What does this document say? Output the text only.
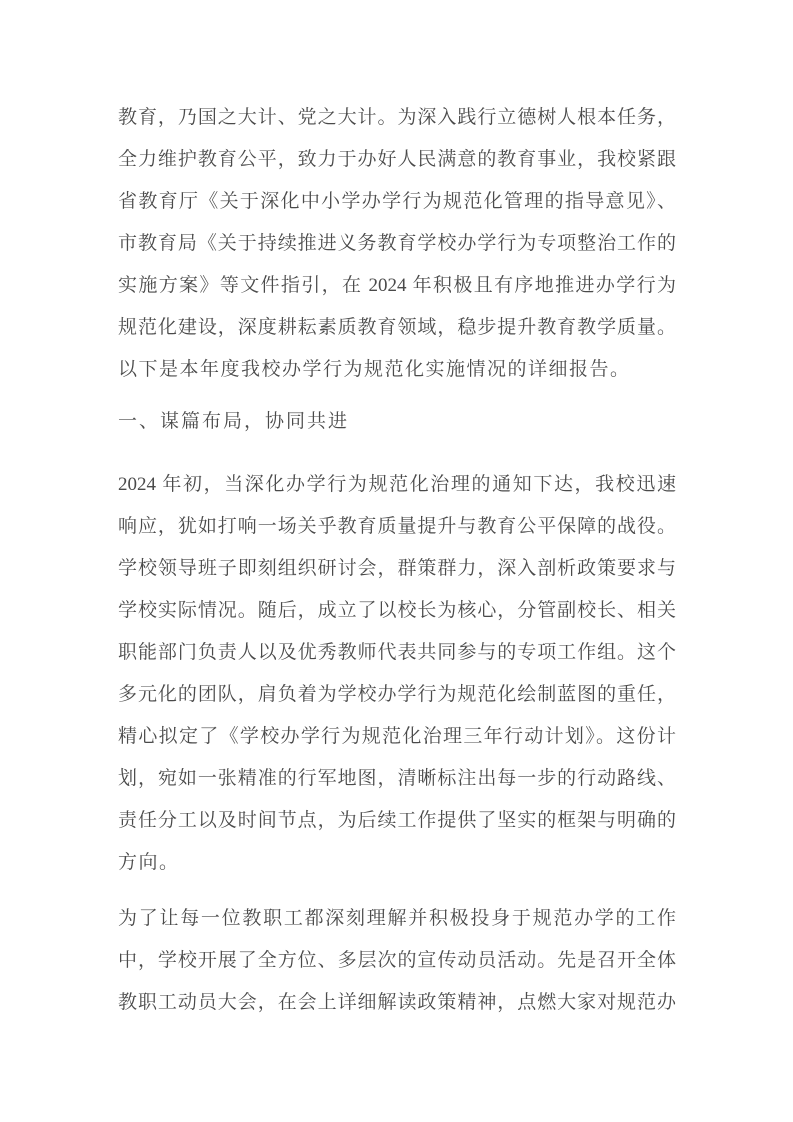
教育，乃国之大计、党之大计。为深入践行立德树人根本任务，
全力维护教育公平，致力于办好人民满意的教育事业，我校紧跟
省教育厅《关于深化中小学办学行为规范化管理的指导意见》、
市教育局《关于持续推进义务教育学校办学行为专项整治工作的
实施方案》等文件指引，在 2024 年积极且有序地推进办学行为
规范化建设，深度耕耘素质教育领域，稳步提升教育教学质量。
以下是本年度我校办学行为规范化实施情况的详细报告。
一、谋篇布局，协同共进
2024 年初，当深化办学行为规范化治理的通知下达，我校迅速
响应，犹如打响一场关乎教育质量提升与教育公平保障的战役。
学校领导班子即刻组织研讨会，群策群力，深入剖析政策要求与
学校实际情况。随后，成立了以校长为核心，分管副校长、相关
职能部门负责人以及优秀教师代表共同参与的专项工作组。这个
多元化的团队，肩负着为学校办学行为规范化绘制蓝图的重任，
精心拟定了《学校办学行为规范化治理三年行动计划》。这份计
划，宛如一张精准的行军地图，清晰标注出每一步的行动路线、
责任分工以及时间节点，为后续工作提供了坚实的框架与明确的
方向。
为了让每一位教职工都深刻理解并积极投身于规范办学的工作
中，学校开展了全方位、多层次的宣传动员活动。先是召开全体
教职工动员大会，在会上详细解读政策精神，点燃大家对规范办
